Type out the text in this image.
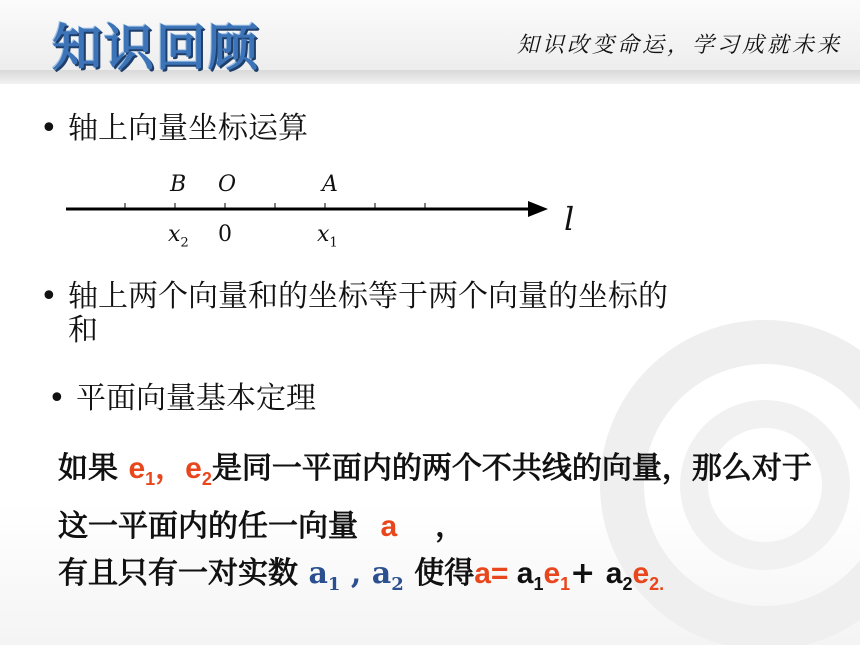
知识回顾	知识改变命运，学习成就未来
• 轴上向量坐标运算
B O	A
l
$x_2$ 0	$x_1$
• 轴上两个向量和的坐标等于两个向量的坐标的
和
• 平面向量基本定理
如果 $e_1$，$e_2$是同一平面内的两个不共线的向量，那么对于这一平面内的任一向量 a ，
有且只有一对实数 $a_1$ , $a_2$ 使得$a= a_1e_1+ a_2e_{2.}$
